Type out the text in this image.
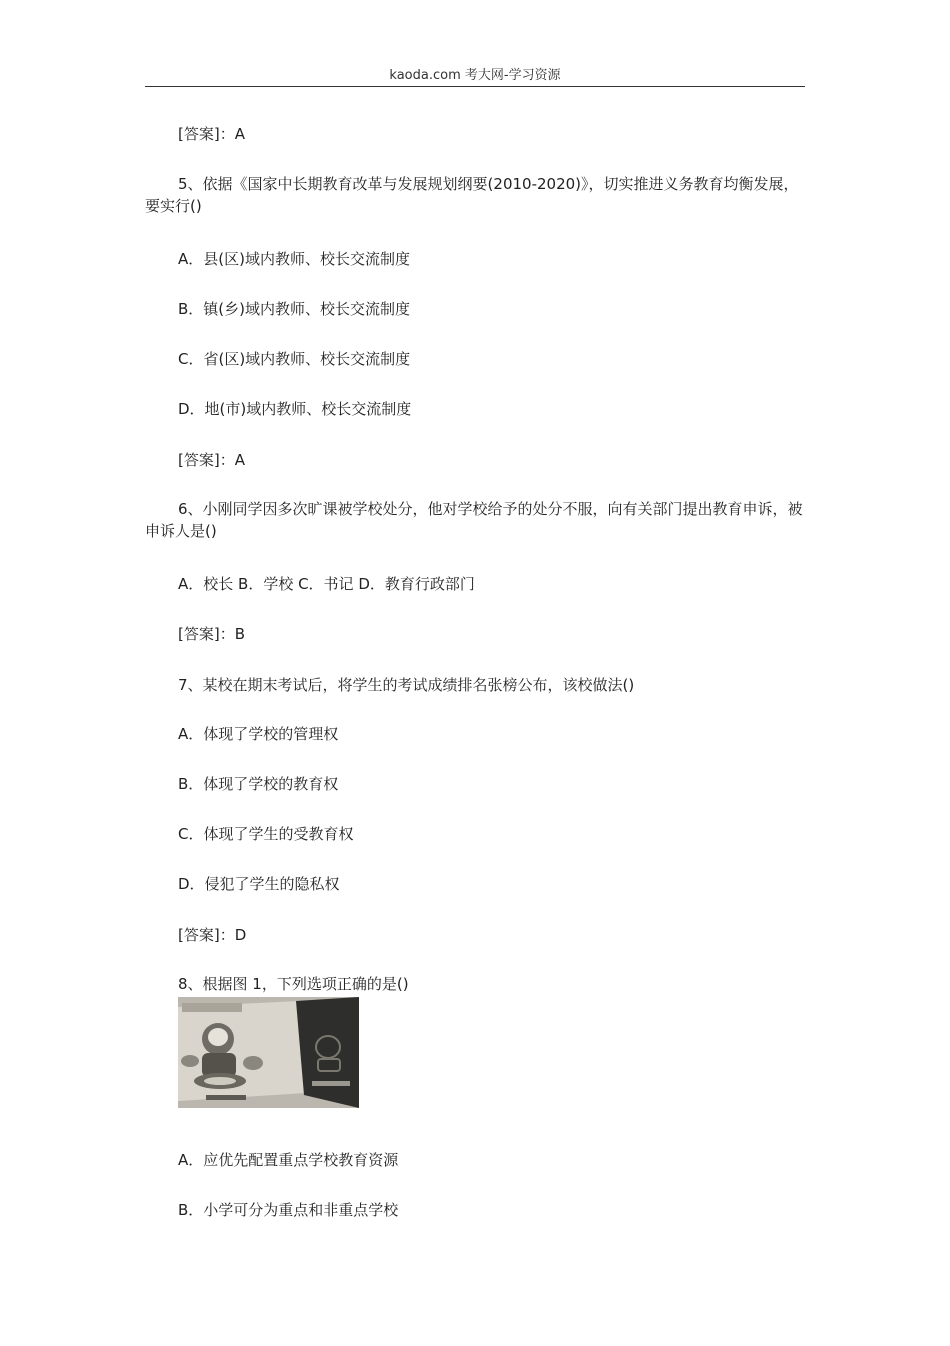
kaoda.com 考大网-学习资源
[答案]：A
5、依据《国家中长期教育改革与发展规划纲要(2010-2020)》，切实推进义务教育均衡发展，要实行()
A．县(区)域内教师、校长交流制度
B．镇(乡)域内教师、校长交流制度
C．省(区)域内教师、校长交流制度
D．地(市)域内教师、校长交流制度
[答案]：A
6、小刚同学因多次旷课被学校处分，他对学校给予的处分不服，向有关部门提出教育申诉，被申诉人是()
A．校长 B．学校 C．书记 D．教育行政部门
[答案]：B
7、某校在期末考试后，将学生的考试成绩排名张榜公布，该校做法()
A．体现了学校的管理权
B．体现了学校的教育权
C．体现了学生的受教育权
D．侵犯了学生的隐私权
[答案]：D
8、根据图 1，下列选项正确的是()
A．应优先配置重点学校教育资源
B．小学可分为重点和非重点学校
